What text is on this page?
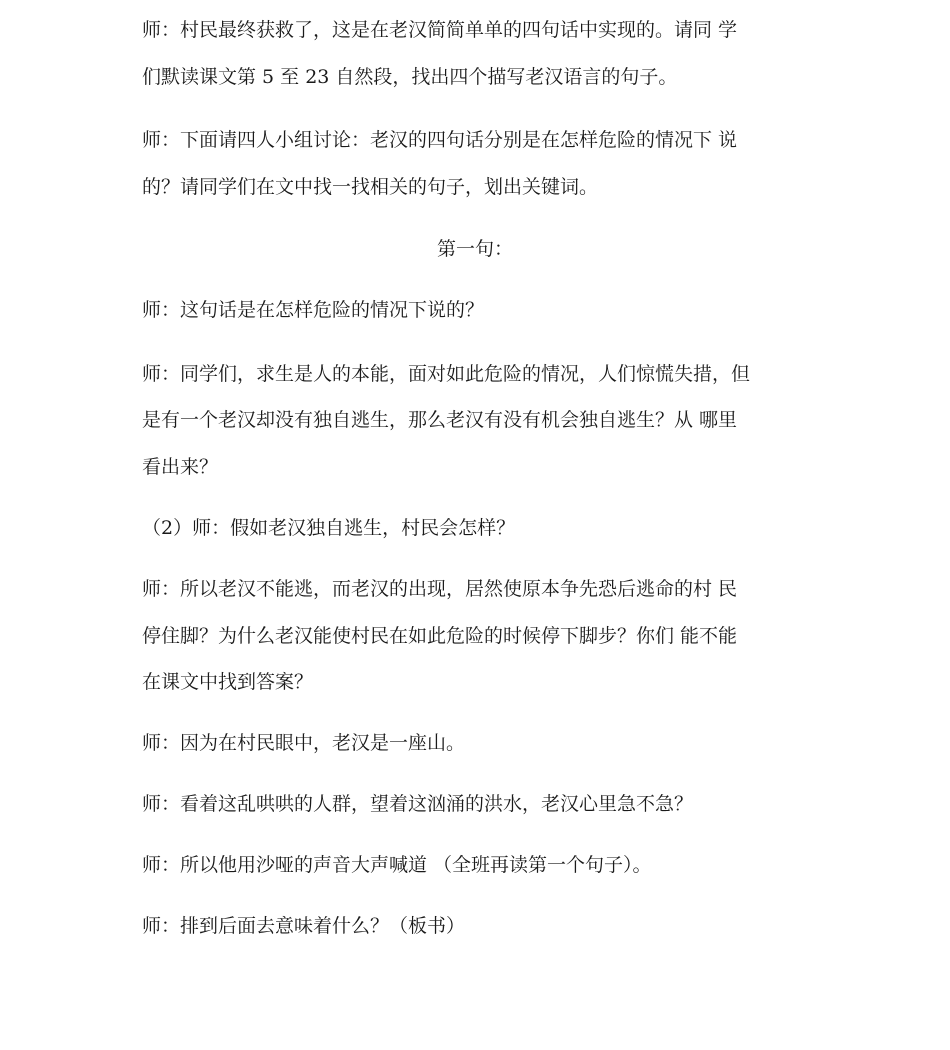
师：村民最终获救了，这是在老汉简简单单的四句话中实现的。请同 学
们默读课文第 5 至 23 自然段，找出四个描写老汉语言的句子。
师：下面请四人小组讨论：老汉的四句话分别是在怎样危险的情况下 说
的？请同学们在文中找一找相关的句子，划出关键词。
第一句：
师：这句话是在怎样危险的情况下说的？
师：同学们，求生是人的本能，面对如此危险的情况，人们惊慌失措，但
是有一个老汉却没有独自逃生，那么老汉有没有机会独自逃生？从 哪里
看出来？
（2）师：假如老汉独自逃生，村民会怎样？
师：所以老汉不能逃，而老汉的出现，居然使原本争先恐后逃命的村 民
停住脚？为什么老汉能使村民在如此危险的时候停下脚步？你们 能不能
在课文中找到答案？
师：因为在村民眼中，老汉是一座山。
师：看着这乱哄哄的人群，望着这汹涌的洪水，老汉心里急不急？
师：所以他用沙哑的声音大声喊道 （全班再读第一个句子）。
师：排到后面去意味着什么？（板书）
